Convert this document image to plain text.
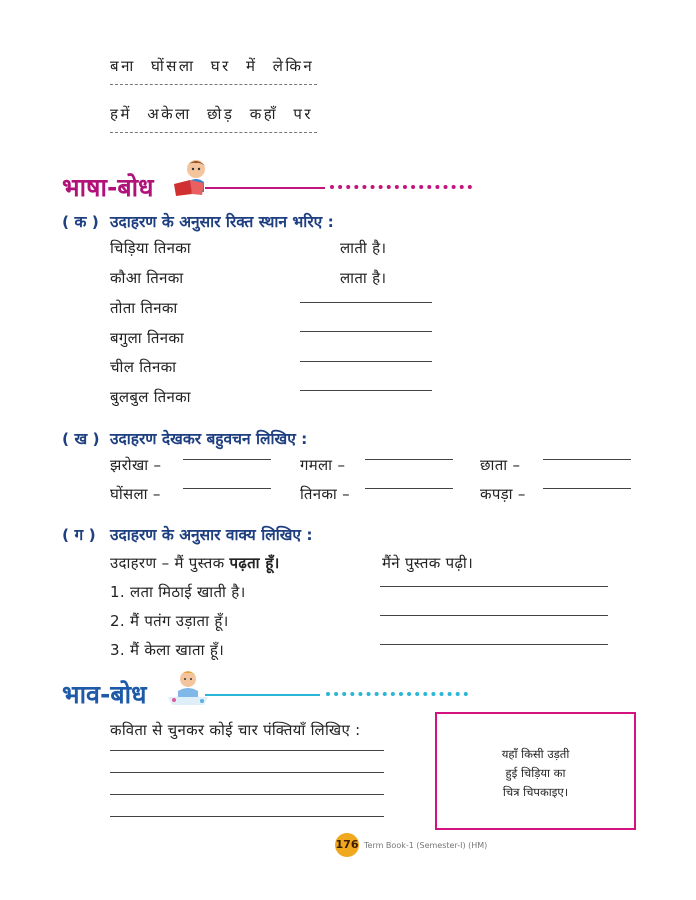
बना घोंसला घर में लेकिन
हमें अकेला छोड़ कहाँ पर
भाषा-बोध
( क ) उदाहरण के अनुसार रिक्त स्थान भरिए :
चिड़िया तिनका	लाती है।
कौआ तिनका	लाता है।
तोता तिनका
बगुला तिनका
चील तिनका
बुलबुल तिनका
( ख ) उदाहरण देखकर बहुवचन लिखिए :
झरोखा –	गमला –	छाता –
घोंसला –	तिनका –	कपड़ा –
( ग ) उदाहरण के अनुसार वाक्य लिखिए :
उदाहरण – मैं पुस्तक पढ़ता हूँ।	मैंने पुस्तक पढ़ी।
1. लता मिठाई खाती है।
2. मैं पतंग उड़ाता हूँ।
3. मैं केला खाता हूँ।
भाव-बोध
कविता से चुनकर कोई चार पंक्तियाँ लिखिए :
यहाँ किसी उड़ती
हुई चिड़िया का
चित्र चिपकाइए।
176 Term Book-1 (Semester-I) (HM)
